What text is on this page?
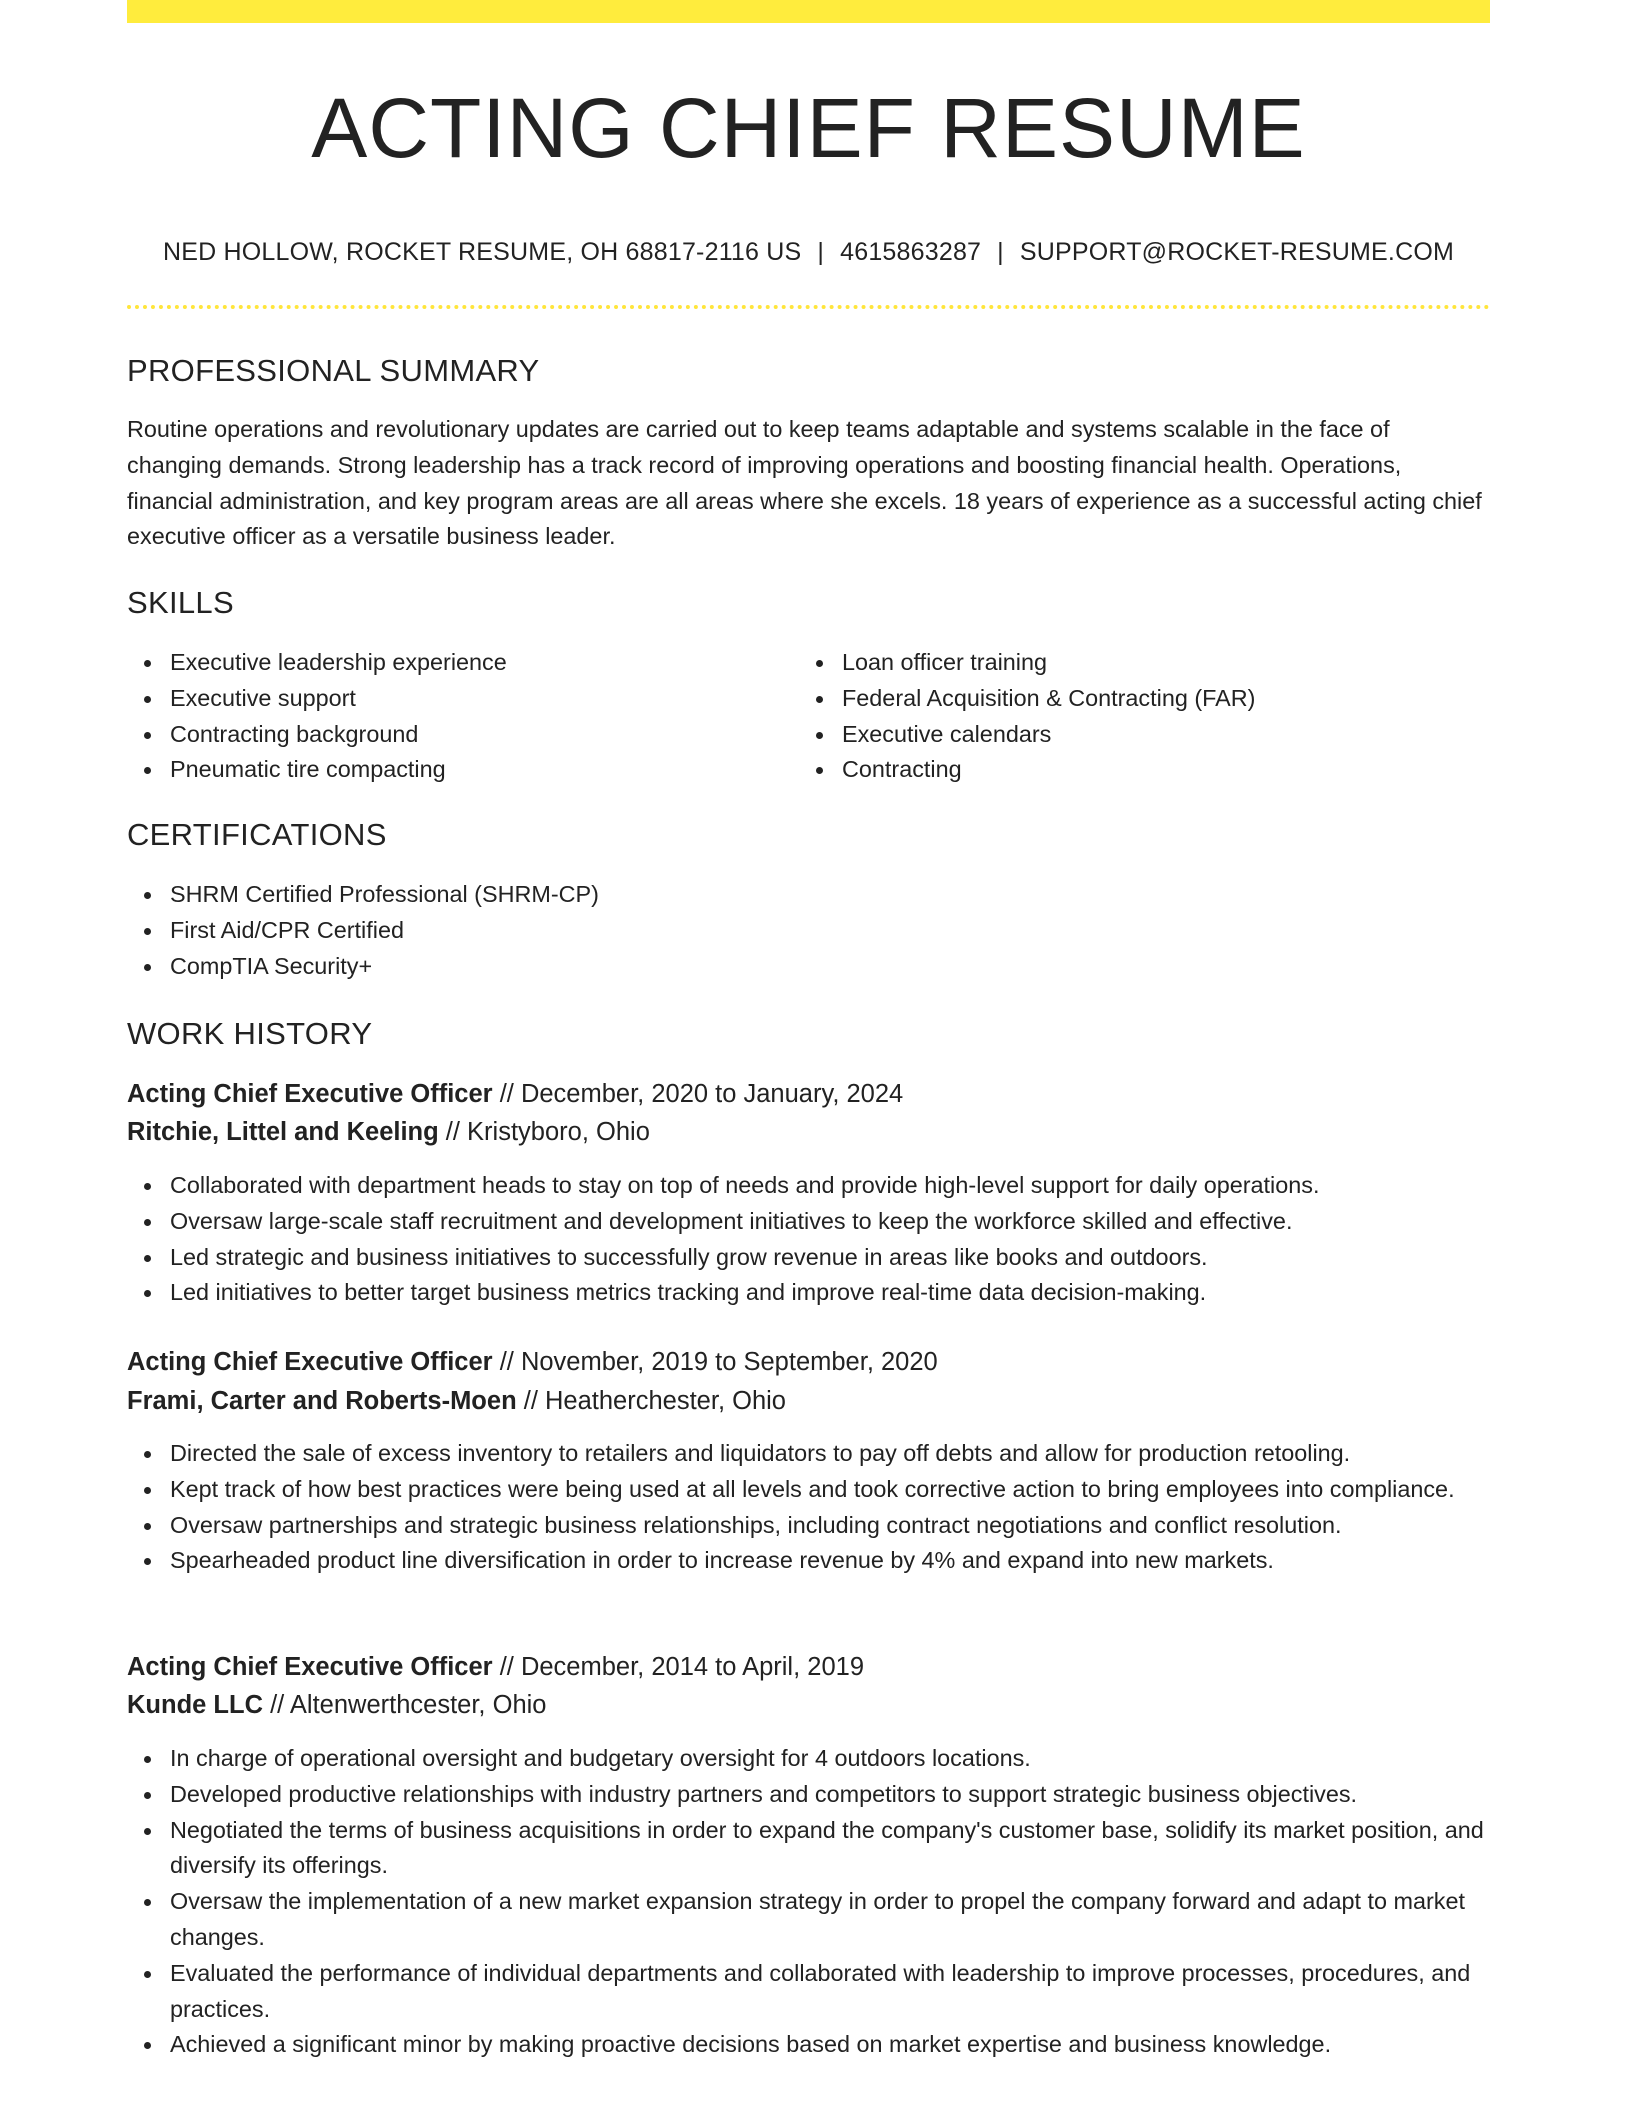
ACTING CHIEF RESUME
NED HOLLOW, ROCKET RESUME, OH 68817-2116 US | 4615863287 | SUPPORT@ROCKET-RESUME.COM
PROFESSIONAL SUMMARY

Routine operations and revolutionary updates are carried out to keep teams adaptable and systems scalable in the face of changing demands. Strong leadership has a track record of improving operations and boosting financial health. Operations, financial administration, and key program areas are all areas where she excels. 18 years of experience as a successful acting chief executive officer as a versatile business leader.

SKILLS
Executive leadership experience
Executive support
Contracting background
Pneumatic tire compacting
Loan officer training
Federal Acquisition & Contracting (FAR)
Executive calendars
Contracting
CERTIFICATIONS
SHRM Certified Professional (SHRM-CP)
First Aid/CPR Certified
CompTIA Security+
WORK HISTORY
Acting Chief Executive Officer // December, 2020 to January, 2024
Ritchie, Littel and Keeling // Kristyboro, Ohio
Collaborated with department heads to stay on top of needs and provide high-level support for daily operations.
Oversaw large-scale staff recruitment and development initiatives to keep the workforce skilled and effective.
Led strategic and business initiatives to successfully grow revenue in areas like books and outdoors.
Led initiatives to better target business metrics tracking and improve real-time data decision-making.
Acting Chief Executive Officer // November, 2019 to September, 2020
Frami, Carter and Roberts-Moen // Heatherchester, Ohio
Directed the sale of excess inventory to retailers and liquidators to pay off debts and allow for production retooling.
Kept track of how best practices were being used at all levels and took corrective action to bring employees into compliance.
Oversaw partnerships and strategic business relationships, including contract negotiations and conflict resolution.
Spearheaded product line diversification in order to increase revenue by 4% and expand into new markets.
Acting Chief Executive Officer // December, 2014 to April, 2019
Kunde LLC // Altenwerthcester, Ohio
In charge of operational oversight and budgetary oversight for 4 outdoors locations.
Developed productive relationships with industry partners and competitors to support strategic business objectives.
Negotiated the terms of business acquisitions in order to expand the company's customer base, solidify its market position, and diversify its offerings.
Oversaw the implementation of a new market expansion strategy in order to propel the company forward and adapt to market changes.
Evaluated the performance of individual departments and collaborated with leadership to improve processes, procedures, and practices.
Achieved a significant minor by making proactive decisions based on market expertise and business knowledge.
